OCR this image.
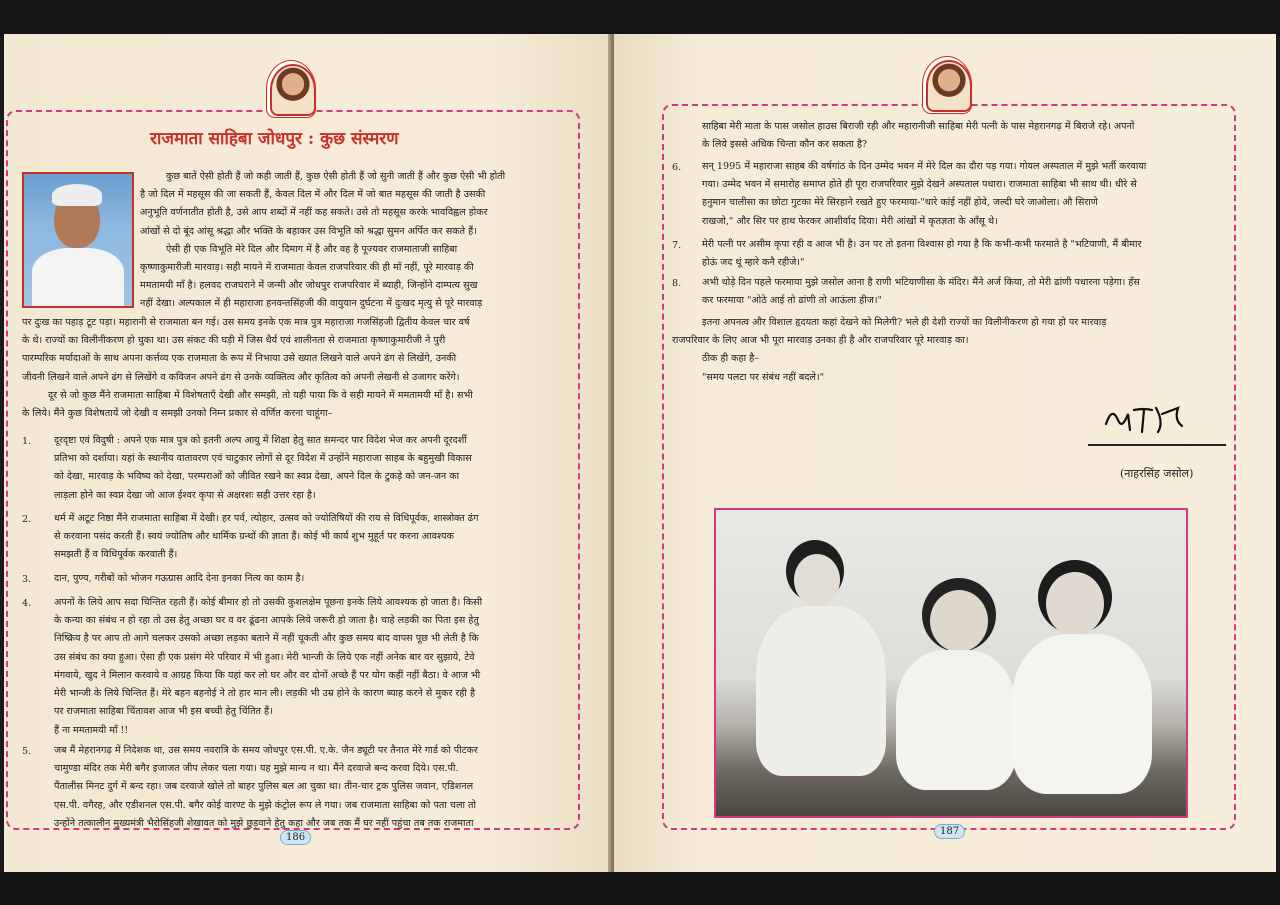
राजमाता साहिबा जोधपुर : कुछ संस्मरण

कुछ बातें ऐसी होती हैं जो कही जाती हैं, कुछ ऐसी होती हैं जो सुनी जाती हैं और कुछ ऐसी भी होती

है जो दिल में महसूस की जा सकती हैं, केवल दिल में और दिल में जो बात महसूस की जाती है उसकी

अनुभूति वर्णनातीत होती है, उसे आप शब्दों में नहीं कह सकते। उसे तो महसूस करके भावविह्वल होकर

आंखों से दो बूंद आंसू श्रद्धा और भक्ति के बहाकर उस विभूति को श्रद्धा सुमन अर्पित कर सकते हैं।

ऐसी ही एक विभूति मेरे दिल और दिमाग में है और वह है पूज्यवर राजमाताजी साहिबा

कृष्णाकुमारीजी मारवाड़। सही मायने में राजमाता केवल राजपरिवार की ही माँ नहीं, पूरे मारवाड़ की

ममतामयी माँ है। हलवद राजघराने में जन्मी और जोधपुर राजपरिवार में ब्याही, जिन्होंने दाम्पत्य सुख

नहीं देखा। अल्पकाल में ही महाराजा हनवन्तसिंहजी की वायुयान दुर्घटना में दुःखद मृत्यु से पूरे मारवाड़

पर दुःख का पहाड़ टूट पड़ा। महारानी से राजमाता बन गई। उस समय इनके एक मात्र पुत्र महाराजा गजसिंहजी द्वितीय केवल चार वर्ष

के थे। राज्यों का विलीनीकरण हो चुका था। उस संकट की घड़ी में जिस धैर्य एवं शालीनता से राजमाता कृष्णाकुमारीजी ने पुरी

पारम्परिक मर्यादाओं के साथ अपना कर्त्तव्य एक राजमाता के रूप में निभाया उसे ख्यात लिखने वाले अपने ढंग से लिखेंगे, उनकी

जीवनी लिखने वाले अपने ढंग से लिखेंगे व कविजन अपने ढंग से उनके व्यक्तित्व और कृतित्व को अपनी लेखनी से उजागर करेंगे।

दूर से जो कुछ मैंने राजमाता साहिबा में विशेषताएँ देखी और समझी, तो यही पाया कि वे सही मायने में ममतामयी माँ है। सभी

के लिये। मैंने कुछ विशेषतायें जो देखी व समझी उनको निम्न प्रकार से वर्णित करना चाहूंगा–

1. दूरदृष्टा एवं विदुषी : अपने एक मात्र पुत्र को इतनी अल्प आयु में शिक्षा हेतु सात समन्दर पार विदेश भेज कर अपनी दूरदर्शी

प्रतिभा को दर्शाया। यहां के स्थानीय वातावरण एवं चाटुकार लोगों से दूर विदेश में उन्होंने महाराजा साहब के बहुमुखी विकास

को देखा, मारवाड़ के भविष्य को देखा, परम्पराओं को जीवित रखने का स्वप्न देखा, अपने दिल के टुकड़े को जन-जन का

लाड़ला होने का स्वप्न देखा जो आज ईश्वर कृपा से अक्षरशः सही उत्तर रहा है।

2. धर्म में अटूट निष्ठा मैंने राजमाता साहिबा में देखी। हर पर्व, त्योहार, उत्सव को ज्योतिषियों की राय से विधिपूर्वक, शास्त्रोक्त ढंग

से करवाना पसंद करती हैं। स्वयं ज्योतिष और धार्मिक ग्रन्थों की ज्ञाता हैं। कोई भी कार्य शुभ मुहूर्त पर करना आवश्यक

समझती हैं व विधिपूर्वक करवाती हैं।

3. दान, पुण्य, गरीबों को भोजन गऊग्रास आदि देना इनका नित्य का काम है।

4. अपनों के लिये आप सदा चिन्तित रहती हैं। कोई बीमार हो तो उसकी कुशलक्षेम पूछना इनके लिये आवश्यक हो जाता है। किसी

के कन्या का संबंध न हो रहा तो उस हेतु अच्छा घर व वर ढूंढना आपके लिये जरूरी हो जाता है। चाहे लड़की का पिता इस हेतु

निष्क्रिय है पर आप तो आगे चलकर उसको अच्छा लड़का बताने में नहीं चूकती और कुछ समय बाद वापस पूछ भी लेती है कि

उस संबंध का क्या हुआ। ऐसा ही एक प्रसंग मेरे परिवार में भी हुआ। मेरी भान्जी के लिये एक नहीं अनेक बार वर सुझाये, टेवे

मंगवाये, खुद ने मिलान करवाये व आग्रह किया कि यहां कर लो घर और वर दोनों अच्छे हैं पर योग कहीं नहीं बैठा। वे आज भी

मेरी भान्जी के लिये चिन्तित हैं। मेरे बहन बहनोई ने तो हार मान ली। लड़की भी उम्र होने के कारण ब्याह करने से मुकर रही है

पर राजमाता साहिबा चिंतावश आज भी इस बच्ची हेतु चिंतित हैं।

हैं ना ममतामयी माँ !!

5. जब मैं मेहरानगढ़ में निदेशक था, उस समय नवरात्रि के समय जोधपुर एस.पी. ए.के. जैन ड्यूटी पर तैनात मेरे गार्ड को पीटकर

चामुण्डा मंदिर तक मेरी बगैर इजाजत जीप लेकर चला गया। यह मुझे मान्य न था। मैंने दरवाजे बन्द करवा दिये। एस.पी.

पैंतालीस मिनट दुर्ग में बन्द रहा। जब दरवाजे खोले तो बाहर पुलिस बल आ चुका था। तीन-चार ट्रक पुलिस जवान, एडिशनल

एस.पी. वगैरह, और एडीशनल एस.पी. बगैर कोई वारण्ट के मुझे कंट्रोल रूप ले गया। जब राजमाता साहिबा को पता चला तो

उन्होंने तत्कालीन मुख्यमंत्री भैरोसिंहजी शेखावत को मुझे छुड़वाने हेतु कहा और जब तक मैं घर नहीं पहुंचा तब तक राजमाता

186

साहिबा मेरी माता के पास जसोल हाउस बिराजी रही और महारानीजी साहिबा मेरी पत्नी के पास मेहरानगढ़ में बिराजे रहे। अपनों

के लिये इससे अधिक चिन्ता कौन कर सकता है?

6. सन् 1995 में महाराजा साहब की वर्षगांठ के दिन उम्मेद भवन में मेरे दिल का दौरा पड़ गया। गोयल अस्पताल में मुझे भर्ती करवाया

गया। उम्मेद भवन में समारोह समाप्त होते ही पूरा राजपरिवार मुझे देखने अस्पताल पधारा। राजमाता साहिबा भी साथ थी। धीरे से

हनुमान चालीसा का छोटा गुटका मेरे सिरहाने रखते हुए फरमाया-"थारे कांई नहीं होवे, जल्दी घरे जाओला। औ सिराणे

राखजो," और सिर पर हाथ फेरकर आशीर्वाद दिया। मेरी आंखों में कृतज्ञता के आँसू थे।

7. मेरी पत्नी पर असीम कृपा रही व आज भी है। उन पर तो इतना विश्वास हो गया है कि कभी-कभी फरमाते है "भटियाणी, मैं बीमार

होऊं जद थूं म्हारे कनै रहीजे।"

8. अभी थोड़े दिन पहले फरमाया मुझे जसोल आना है राणी भटियाणीसा के मंदिर। मैंने अर्ज किया, तो मेरी ढांणी पधारना पड़ेगा। हँस

कर फरमाया "ओठे आई तो ढांणी तो आऊंला हीज।"

इतना अपनत्व और विशाल हृदयता कहां देखने को मिलेगी? भले ही देशी राज्यों का विलीनीकरण हो गया हो पर मारवाड़

राजपरिवार के लिए आज भी पूरा मारवाड़ उनका ही है और राजपरिवार पूरे मारवाड़ का।

ठीक ही कहा है–

"समय पलटा पर संबंध नहीं बदले।"

(नाहरसिंह जसोल)
187
